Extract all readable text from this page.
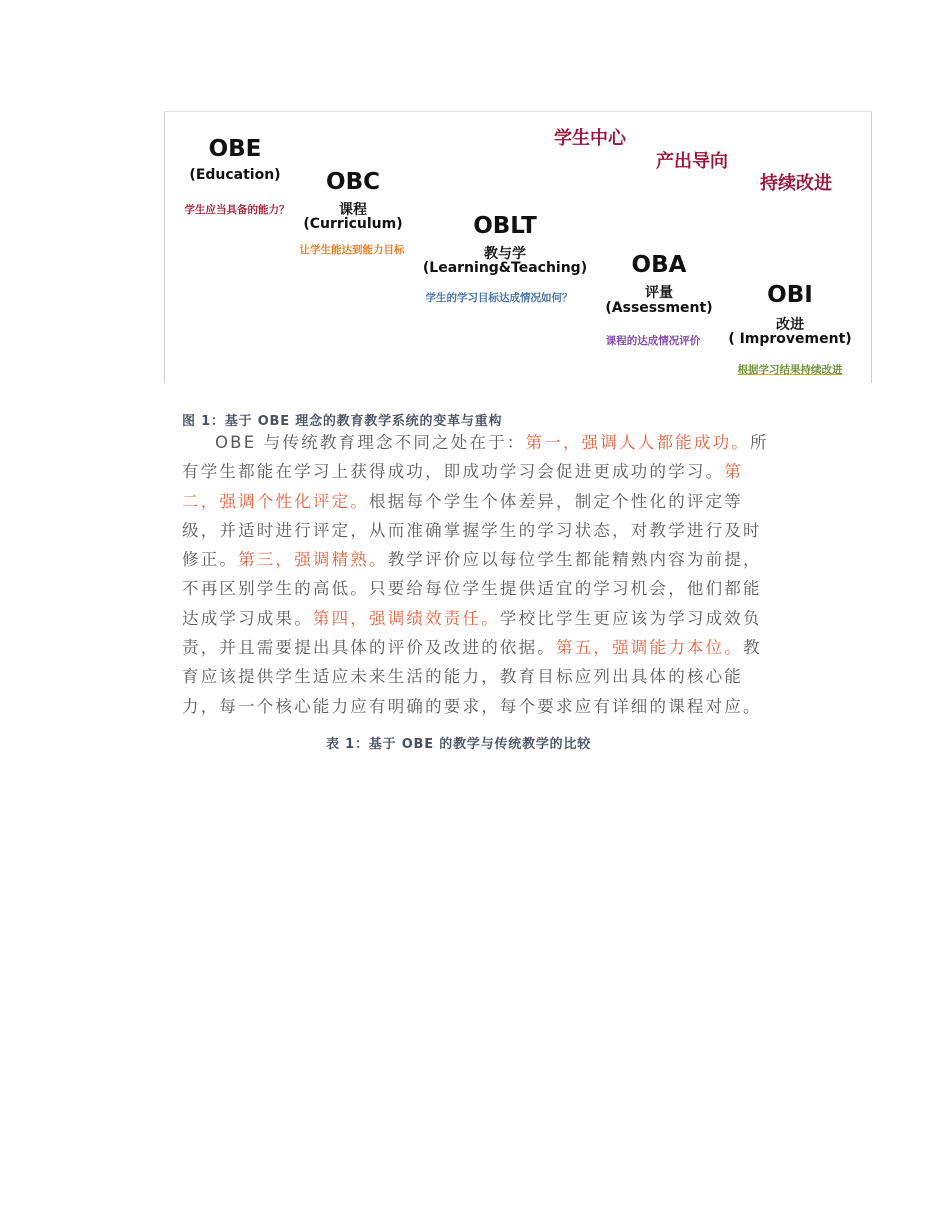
学生中心
产出导向
持续改进
OBE
(Education)
学生应当具备的能力？
OBC
课程
(Curriculum)
让学生能达到能力目标
OBLT
教与学
(Learning&Teaching)
学生的学习目标达成情况如何？
OBA
评量
(Assessment)
课程的达成情况评价
OBI
改进
( Improvement)
根据学习结果持续改进
图 1：基于 OBE 理念的教育教学系统的变革与重构
OBE 与传统教育理念不同之处在于：第一，强调人人都能成功。所
有学生都能在学习上获得成功，即成功学习会促进更成功的学习。第
二，强调个性化评定。根据每个学生个体差异，制定个性化的评定等
级，并适时进行评定，从而准确掌握学生的学习状态，对教学进行及时
修正。第三，强调精熟。教学评价应以每位学生都能精熟内容为前提，
不再区别学生的高低。只要给每位学生提供适宜的学习机会，他们都能
达成学习成果。第四，强调绩效责任。学校比学生更应该为学习成效负
责，并且需要提出具体的评价及改进的依据。第五，强调能力本位。教
育应该提供学生适应未来生活的能力，教育目标应列出具体的核心能
力，每一个核心能力应有明确的要求，每个要求应有详细的课程对应。
表 1：基于 OBE 的教学与传统教学的比较
